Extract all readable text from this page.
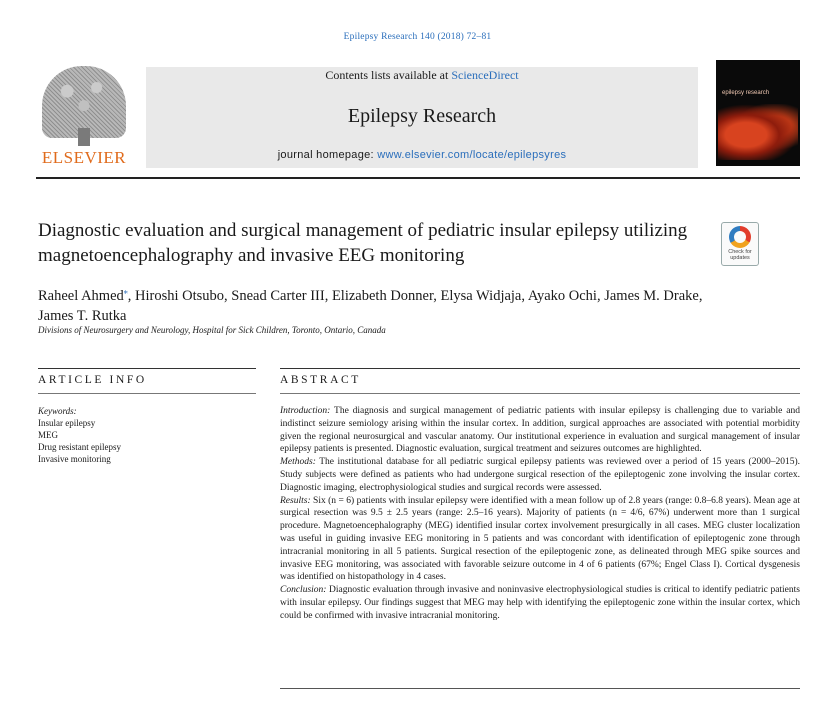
Epilepsy Research 140 (2018) 72–81
ELSEVIER
Contents lists available at ScienceDirect
Epilepsy Research
journal homepage: www.elsevier.com/locate/epilepsyres
epilepsy research
Diagnostic evaluation and surgical management of pediatric insular epilepsy utilizing magnetoencephalography and invasive EEG monitoring	Check for updates
Raheel Ahmed⁎, Hiroshi Otsubo, Snead Carter III, Elizabeth Donner, Elysa Widjaja, Ayako Ochi, James M. Drake, James T. Rutka
Divisions of Neurosurgery and Neurology, Hospital for Sick Children, Toronto, Ontario, Canada
ARTICLE INFO	ABSTRACT
Keywords:
Insular epilepsy
MEG
Drug resistant epilepsy
Invasive monitoring

Introduction: The diagnosis and surgical management of pediatric patients with insular epilepsy is challenging due to variable and indistinct seizure semiology arising within the insular cortex. In addition, surgical approaches are associated with potential morbidity given the regional neurosurgical and vascular anatomy. Our institutional experience in evaluation and surgical management of insular epilepsy patients is presented. Diagnostic evaluation, surgical treatment and seizures outcomes are highlighted.

Methods: The institutional database for all pediatric surgical epilepsy patients was reviewed over a period of 15 years (2000–2015). Study subjects were defined as patients who had undergone surgical resection of the epileptogenic zone involving the insular cortex. Diagnostic imaging, electrophysiological studies and surgical records were assessed.

Results: Six (n = 6) patients with insular epilepsy were identified with a mean follow up of 2.8 years (range: 0.8–6.8 years). Mean age at surgical resection was 9.5 ± 2.5 years (range: 2.5–16 years). Majority of patients (n = 4/6, 67%) underwent more than 1 surgical procedure. Magnetoencephalography (MEG) identified insular cortex involvement presurgically in all cases. MEG cluster localization was useful in guiding invasive EEG monitoring in 5 patients and was concordant with identification of epileptogenic zone through intracranial monitoring in all 5 patients. Surgical resection of the epileptogenic zone, as delineated through MEG spike sources and invasive EEG monitoring, was associated with favorable seizure outcome in 4 of 6 patients (67%; Engel Class I). Cortical dysgenesis was identified on histopathology in 4 cases.

Conclusion: Diagnostic evaluation through invasive and noninvasive electrophysiological studies is critical to identify pediatric patients with insular epilepsy. Our findings suggest that MEG may help with identifying the epileptogenic zone within the insular cortex, which could be confirmed with invasive intracranial monitoring.
